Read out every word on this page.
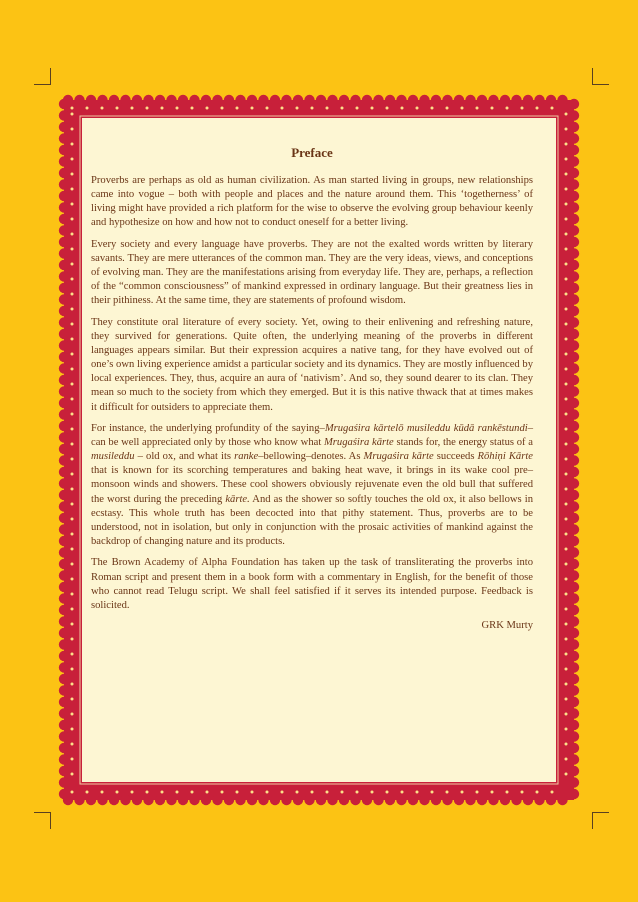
Preface

Proverbs are perhaps as old as human civilization. As man started living in groups, new relationships came into vogue – both with people and places and the nature around them. This ‘togetherness’ of living might have provided a rich platform for the wise to observe the evolving group behaviour keenly and hypothesize on how and how not to conduct oneself for a better living.

Every society and every language have proverbs. They are not the exalted words written by literary savants. They are mere utterances of the common man. They are the very ideas, views, and conceptions of evolving man. They are the manifestations arising from everyday life. They are, perhaps, a reflection of the “common consciousness” of mankind expressed in ordinary language. But their greatness lies in their pithiness. At the same time, they are statements of profound wisdom.

They constitute oral literature of every society. Yet, owing to their enlivening and refreshing nature, they survived for generations. Quite often, the underlying meaning of the proverbs in different languages appears similar. But their expression acquires a native tang, for they have evolved out of one’s own living experience amidst a particular society and its dynamics. They are mostly influenced by local experiences. They, thus, acquire an aura of ‘nativism’. And so, they sound dearer to its clan. They mean so much to the society from which they emerged. But it is this native thwack that at times makes it difficult for outsiders to appreciate them.

For instance, the underlying profundity of the saying–Mrugaśira kārtelō musileddu kūdā rankēstundi–can be well appreciated only by those who know what Mrugaśira kārte stands for, the energy status of a musileddu – old ox, and what its ranke–bellowing–denotes. As Mrugaśira kārte succeeds Rōhiṇi Kārte that is known for its scorching temperatures and baking heat wave, it brings in its wake cool pre–monsoon winds and showers. These cool showers obviously rejuvenate even the old bull that suffered the worst during the preceding kārte. And as the shower so softly touches the old ox, it also bellows in ecstasy. This whole truth has been decocted into that pithy statement. Thus, proverbs are to be understood, not in isolation, but only in conjunction with the prosaic activities of mankind against the backdrop of changing nature and its products.

The Brown Academy of Alpha Foundation has taken up the task of transliterating the proverbs into Roman script and present them in a book form with a commentary in English, for the benefit of those who cannot read Telugu script. We shall feel satisfied if it serves its intended purpose. Feedback is solicited.

GRK Murty
